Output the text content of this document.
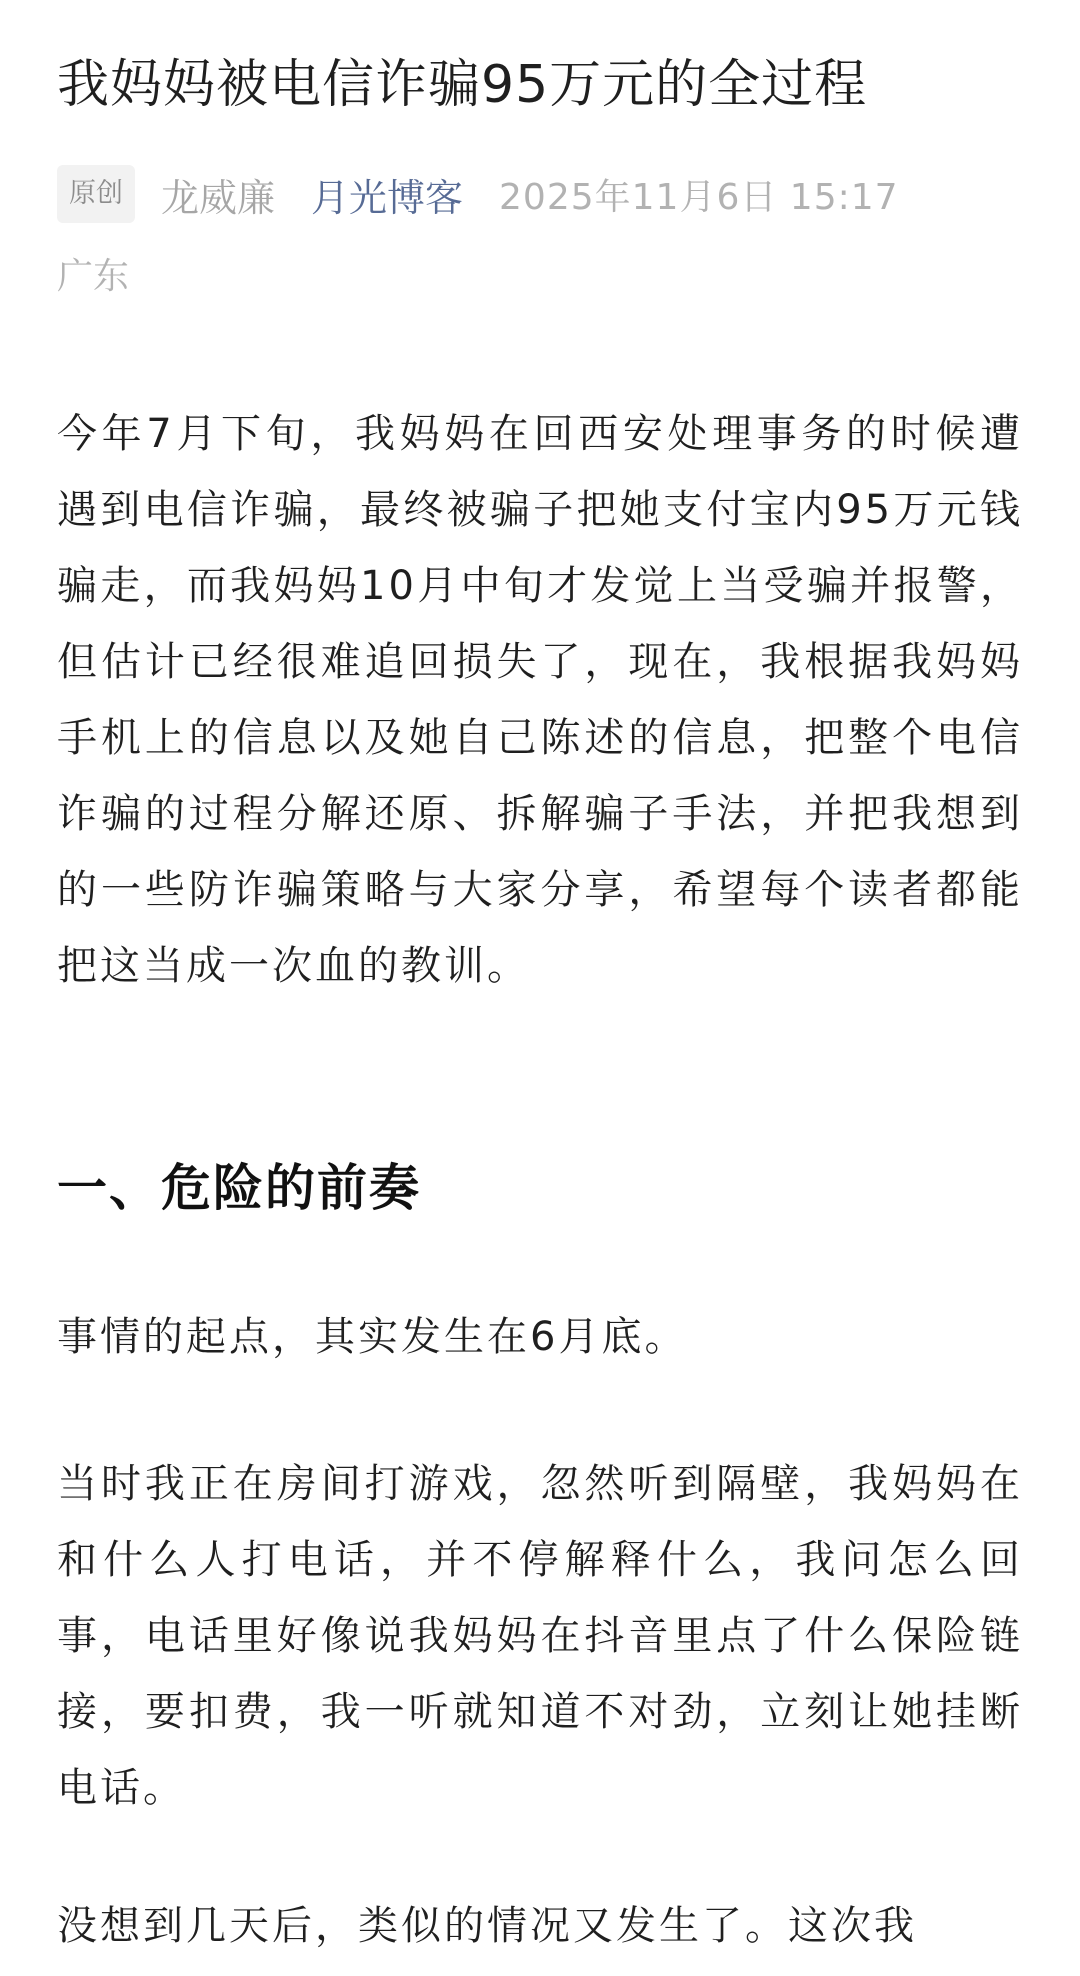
我妈妈被电信诈骗95万元的全过程
原创	龙威廉 月光博客 2025年11月6日 15:17
广东

今年7月下旬，我妈妈在回西安处理事务的时候遭遇到电信诈骗，最终被骗子把她支付宝内95万元钱骗走，而我妈妈10月中旬才发觉上当受骗并报警，但估计已经很难追回损失了，现在，我根据我妈妈手机上的信息以及她自己陈述的信息，把整个电信诈骗的过程分解还原、拆解骗子手法，并把我想到的一些防诈骗策略与大家分享，希望每个读者都能把这当成一次血的教训。

一、危险的前奏

事情的起点，其实发生在6月底。

当时我正在房间打游戏，忽然听到隔壁，我妈妈在和什么人打电话，并不停解释什么，我问怎么回事，电话里好像说我妈妈在抖音里点了什么保险链接，要扣费，我一听就知道不对劲，立刻让她挂断电话。

没想到几天后，类似的情况又发生了。这次我
